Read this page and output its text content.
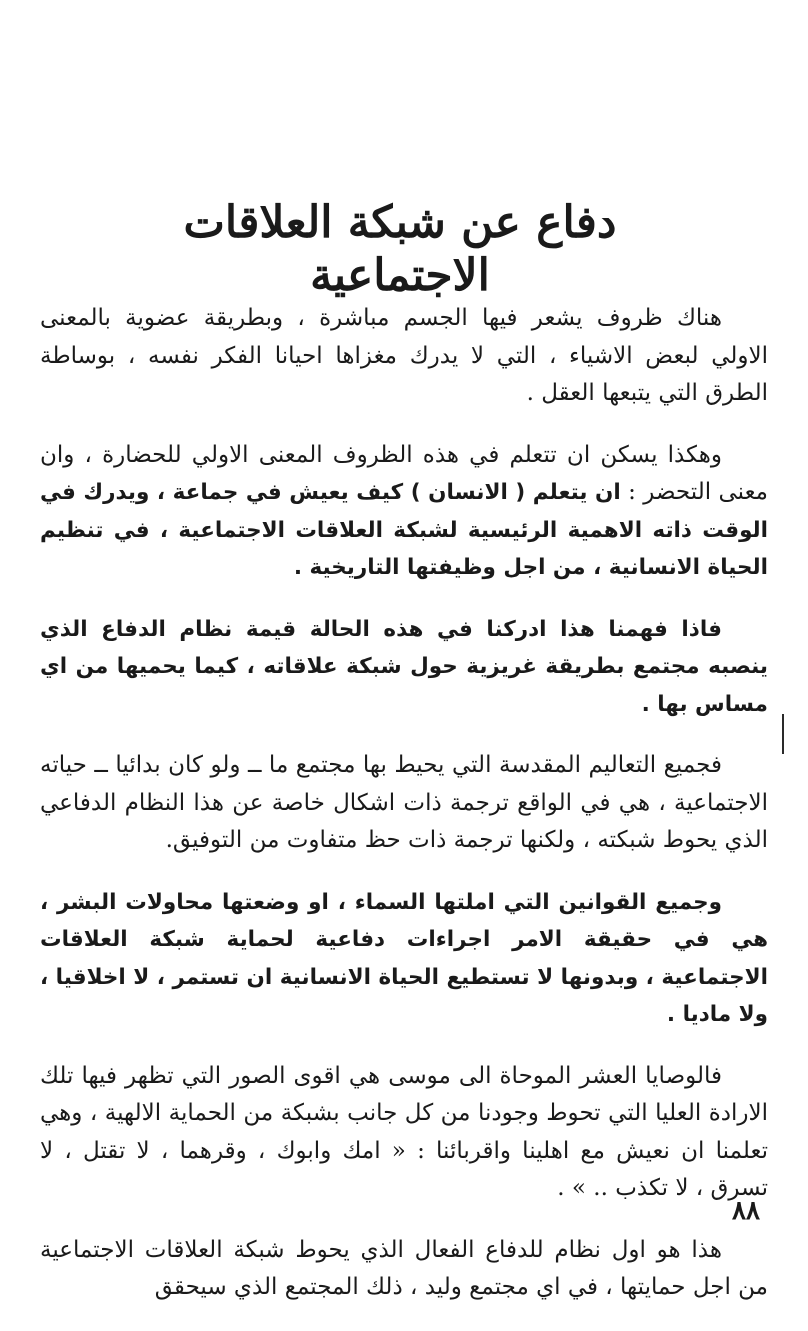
دفاع عن شبكة العلاقات الاجتماعية

هناك ظروف يشعر فيها الجسم مباشرة ، وبطريقة عضوية بالمعنى الاولي لبعض الاشياء ، التي لا يدرك مغزاها احيانا الفكر نفسه ، بوساطة الطرق التي يتبعها العقل .

وهكذا يسكن ان تتعلم في هذه الظروف المعنى الاولي للحضارة ، وان معنى التحضر : ان يتعلم ( الانسان ) كيف يعيش في جماعة ، ويدرك في الوقت ذاته الاهمية الرئيسية لشبكة العلاقات الاجتماعية ، في تنظيم الحياة الانسانية ، من اجل وظيفتها التاريخية .

فاذا فهمنا هذا ادركنا في هذه الحالة قيمة نظام الدفاع الذي ينصبه مجتمع بطريقة غريزية حول شبكة علاقاته ، كيما يحميها من اي مساس بها .

فجميع التعاليم المقدسة التي يحيط بها مجتمع ما ــ ولو كان بدائيا ــ حياته الاجتماعية ، هي في الواقع ترجمة ذات اشكال خاصة عن هذا النظام الدفاعي الذي يحوط شبكته ، ولكنها ترجمة ذات حظ متفاوت من التوفيق.

وجميع القوانين التي املتها السماء ، او وضعتها محاولات البشر ، هي في حقيقة الامر اجراءات دفاعية لحماية شبكة العلاقات الاجتماعية ، وبدونها لا تستطيع الحياة الانسانية ان تستمر ، لا اخلاقيا ، ولا ماديا .

فالوصايا العشر الموحاة الى موسى هي اقوى الصور التي تظهر فيها تلك الارادة العليا التي تحوط وجودنا من كل جانب بشبكة من الحماية الالهية ، وهي تعلمنا ان نعيش مع اهلينا واقربائنا : « امك وابوك ، وقرهما ، لا تقتل ، لا تسرق ، لا تكذب .. » .

هذا هو اول نظام للدفاع الفعال الذي يحوط شبكة العلاقات الاجتماعية من اجل حمايتها ، في اي مجتمع وليد ، ذلك المجتمع الذي سيحقق

٨٨
